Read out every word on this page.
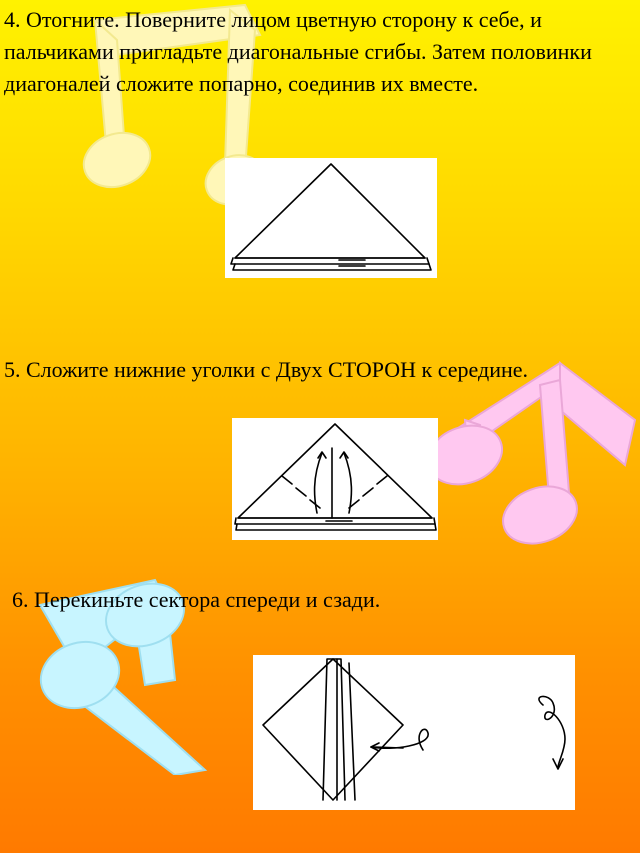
4. Отогните. Поверните лицом цветную сторону к себе, и пальчиками пригладьте диагональные сгибы. Затем половинки диагоналей сложите попарно, соединив их вместе.

5. Сложите нижние уголки с Двух СТОРОН к середине.

6. Перекиньте сектора спереди и сзади.
